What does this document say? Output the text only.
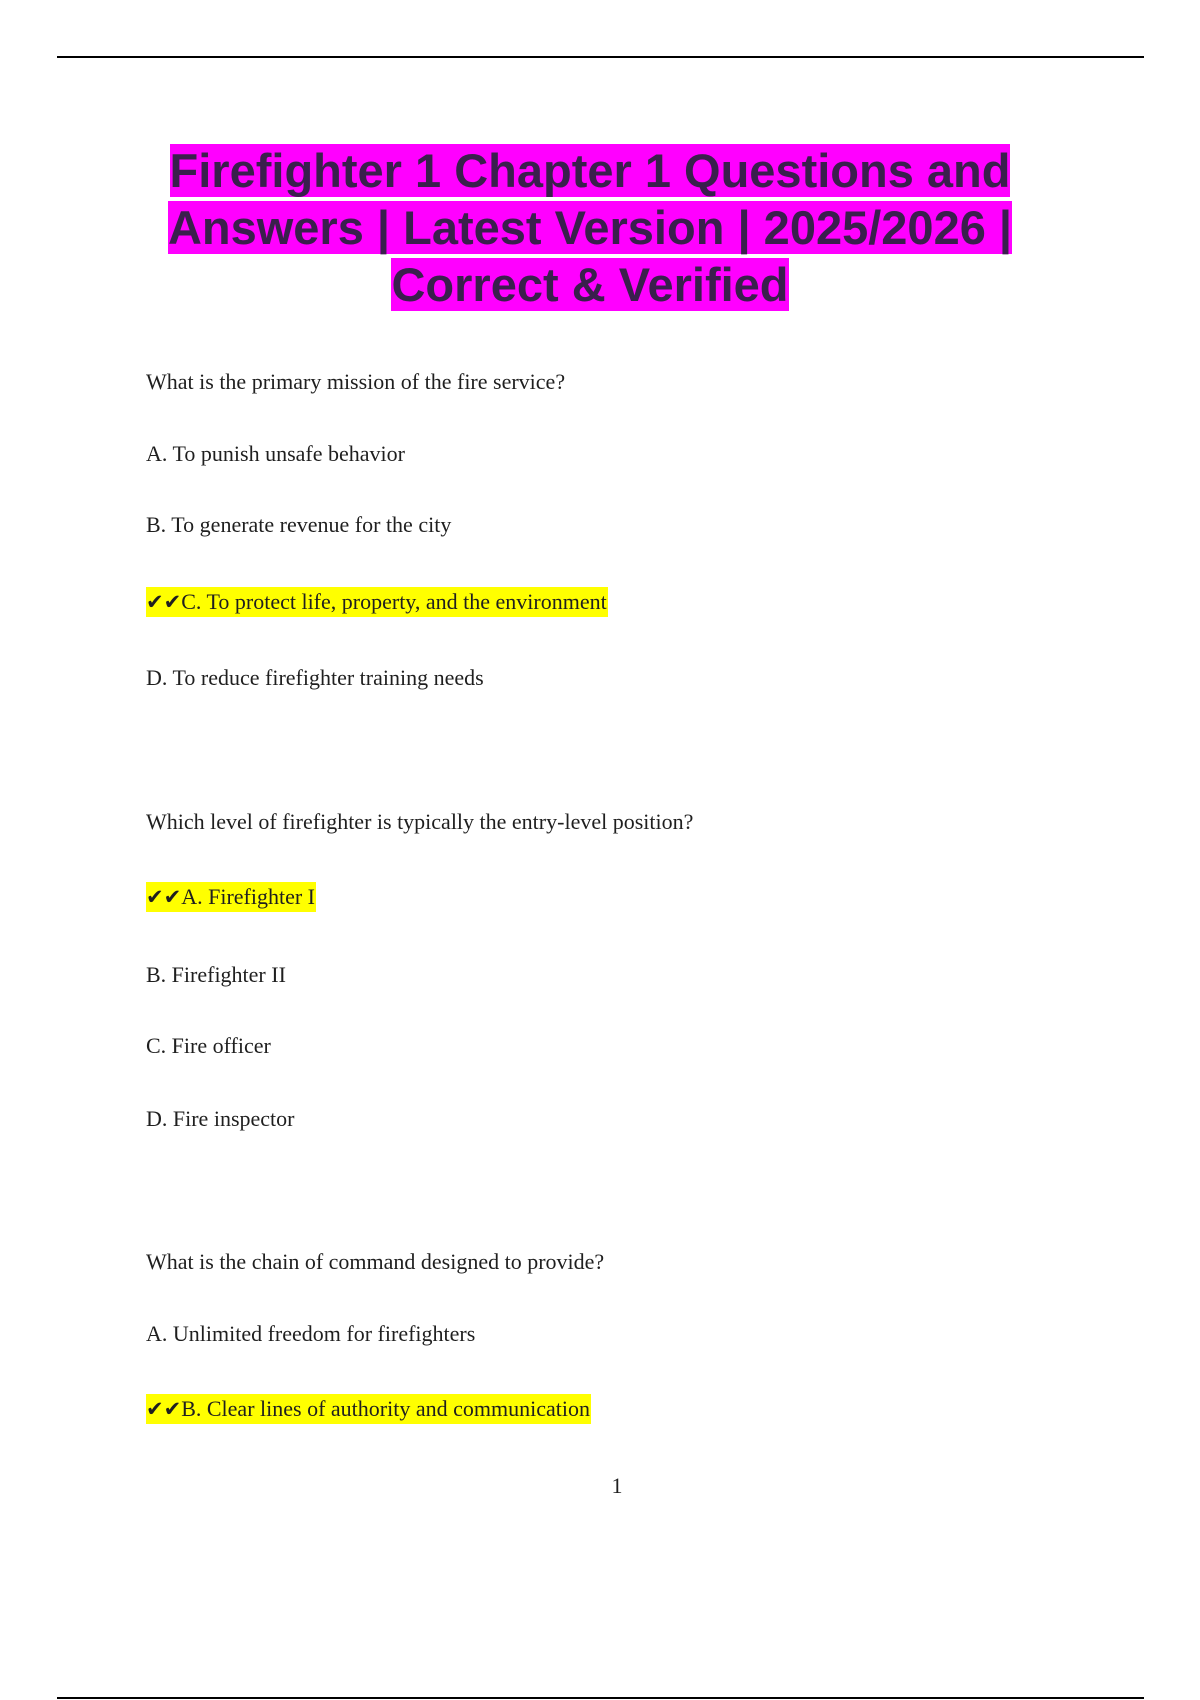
Firefighter 1 Chapter 1 Questions and Answers | Latest Version | 2025/2026 | Correct & Verified
What is the primary mission of the fire service?
A. To punish unsafe behavior
B. To generate revenue for the city
✔✔C. To protect life, property, and the environment
D. To reduce firefighter training needs
Which level of firefighter is typically the entry-level position?
✔✔A. Firefighter I
B. Firefighter II
C. Fire officer
D. Fire inspector
What is the chain of command designed to provide?
A. Unlimited freedom for firefighters
✔✔B. Clear lines of authority and communication
1
